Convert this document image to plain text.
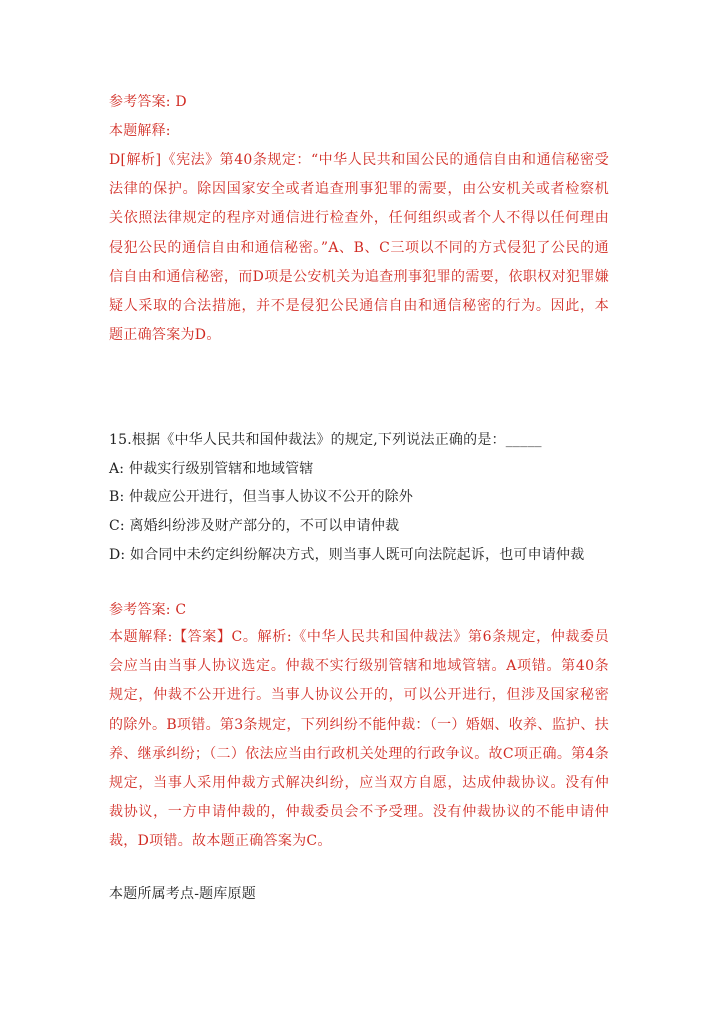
参考答案: D
本题解释:
D[解析]《宪法》第40条规定：“中华人民共和国公民的通信自由和通信秘密受法律的保护。除因国家安全或者追查刑事犯罪的需要，由公安机关或者检察机关依照法律规定的程序对通信进行检查外，任何组织或者个人不得以任何理由侵犯公民的通信自由和通信秘密。”A、B、C三项以不同的方式侵犯了公民的通信自由和通信秘密，而D项是公安机关为追查刑事犯罪的需要，依职权对犯罪嫌疑人采取的合法措施，并不是侵犯公民通信自由和通信秘密的行为。因此，本题正确答案为D。
15.根据《中华人民共和国仲裁法》的规定,下列说法正确的是：_____
A: 仲裁实行级别管辖和地域管辖
B: 仲裁应公开进行，但当事人协议不公开的除外
C: 离婚纠纷涉及财产部分的，不可以申请仲裁
D: 如合同中未约定纠纷解决方式，则当事人既可向法院起诉，也可申请仲裁
参考答案: C
本题解释:【答案】C。解析:《中华人民共和国仲裁法》第6条规定，仲裁委员会应当由当事人协议选定。仲裁不实行级别管辖和地域管辖。A项错。第40条规定，仲裁不公开进行。当事人协议公开的，可以公开进行，但涉及国家秘密的除外。B项错。第3条规定，下列纠纷不能仲裁：（一）婚姻、收养、监护、扶养、继承纠纷；（二）依法应当由行政机关处理的行政争议。故C项正确。第4条规定，当事人采用仲裁方式解决纠纷，应当双方自愿，达成仲裁协议。没有仲裁协议，一方申请仲裁的，仲裁委员会不予受理。没有仲裁协议的不能申请仲裁，D项错。故本题正确答案为C。
本题所属考点-题库原题
